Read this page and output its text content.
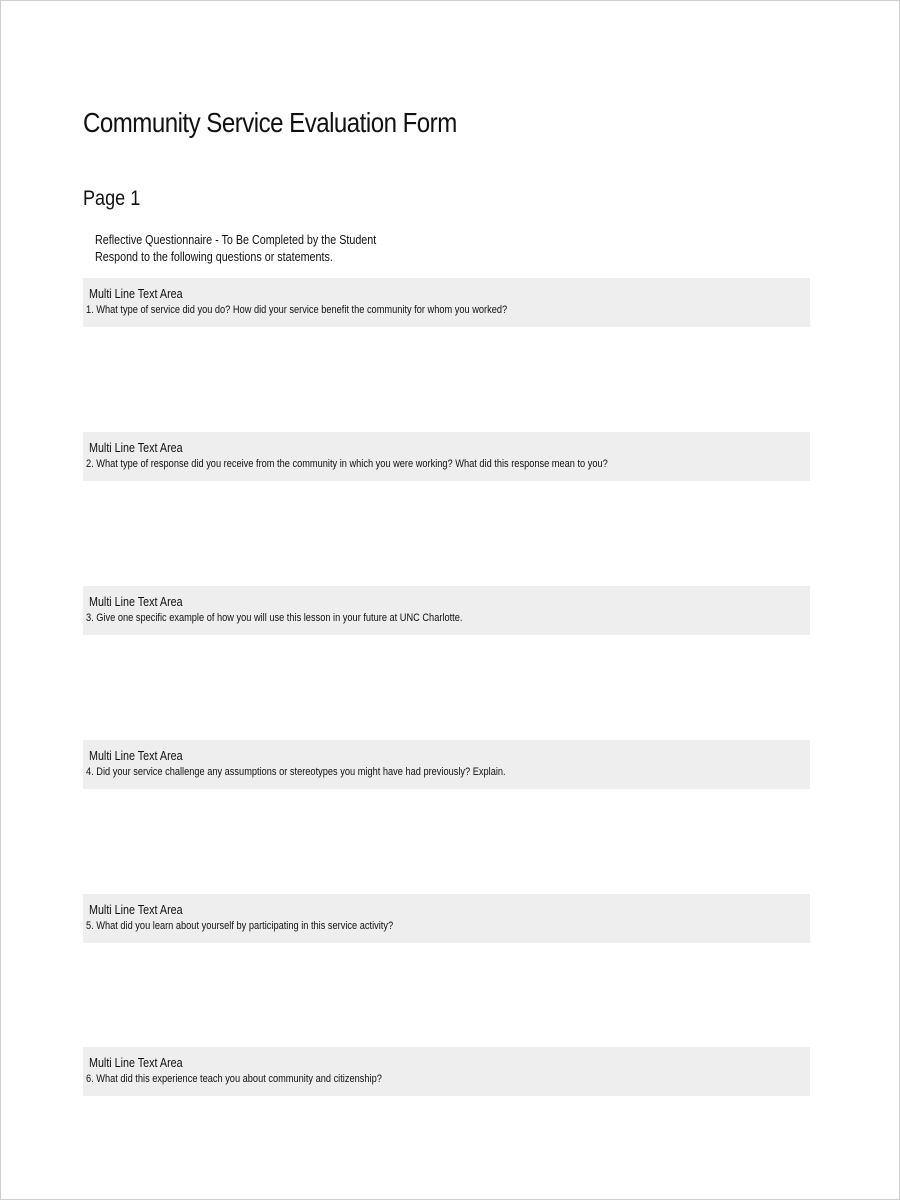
Community Service Evaluation Form
Page 1
Reflective Questionnaire - To Be Completed by the Student
Respond to the following questions or statements.
Multi Line Text Area
1. What type of service did you do? How did your service benefit the community for whom you worked?
Multi Line Text Area
2. What type of response did you receive from the community in which you were working? What did this response mean to you?
Multi Line Text Area
3. Give one specific example of how you will use this lesson in your future at UNC Charlotte.
Multi Line Text Area
4. Did your service challenge any assumptions or stereotypes you might have had previously? Explain.
Multi Line Text Area
5. What did you learn about yourself by participating in this service activity?
Multi Line Text Area
6. What did this experience teach you about community and citizenship?
